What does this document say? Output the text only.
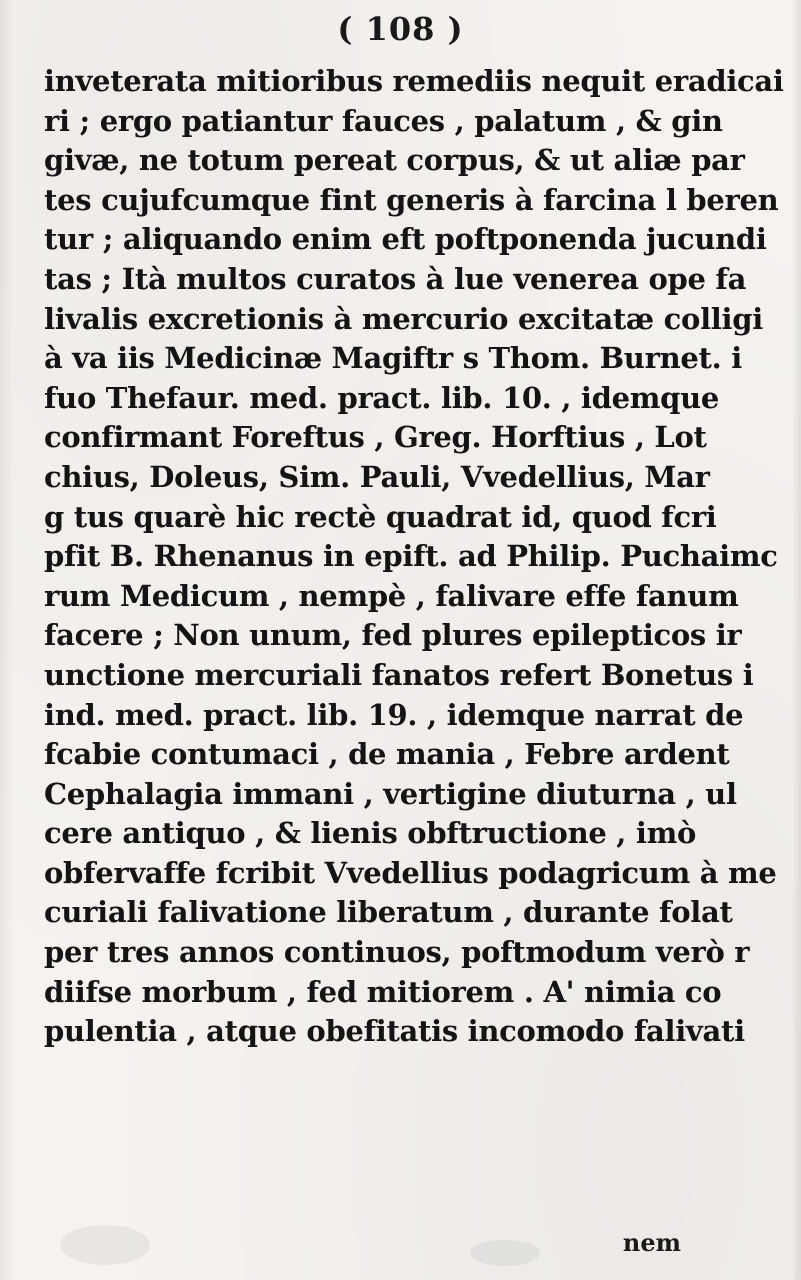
( 108 )
inveterata mitioribus remediis nequit eradicai
ri ; ergo patiantur fauces , palatum , & gin
givæ, ne totum pereat corpus, & ut aliæ par
tes cujufcumque fint generis à farcina l beren
tur ; aliquando enim eft poftponenda jucundi
tas ; Ità multos curatos à lue venerea ope fa
livalis excretionis à mercurio excitatæ colligi
à va iis Medicinæ Magiftr s Thom. Burnet. i
fuo Thefaur. med. pract. lib. 10. , idemque
confirmant Foreftus , Greg. Horftius , Lot
chius, Doleus, Sim. Pauli, Vvedellius, Mar
g tus quarè hic rectè quadrat id, quod fcri
pfit B. Rhenanus in epift. ad Philip. Puchaimc
rum Medicum , nempè , falivare effe fanum
facere ; Non unum, fed plures epilepticos ir
unctione mercuriali fanatos refert Bonetus i
ind. med. pract. lib. 19. , idemque narrat de
fcabie contumaci , de mania , Febre ardent
Cephalagia immani , vertigine diuturna , ul
cere antiquo , & lienis obftructione , imò
obfervaffe fcribit Vvedellius podagricum à me
curiali falivatione liberatum , durante folat
per tres annos continuos, poftmodum verò r
diifse morbum , fed mitiorem . A' nimia co
pulentia , atque obefitatis incomodo falivati
nem
